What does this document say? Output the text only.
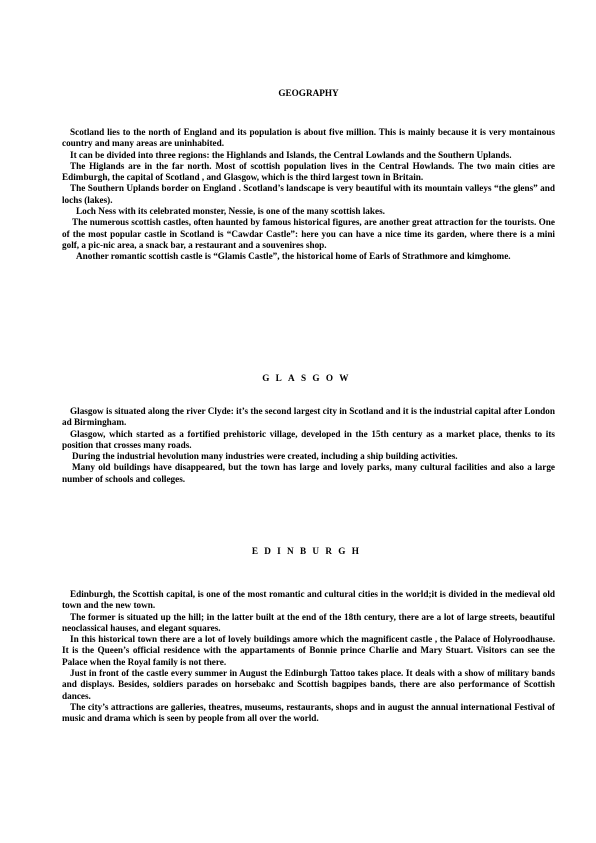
GEOGRAPHY

Scotland lies to the north of England and its population is about five million. This is mainly because it is very montainous country and many areas are uninhabited.

It can be divided into three regions: the Highlands and Islands, the Central Lowlands and the Southern Uplands.

The Higlands are in the far north. Most of scottish population lives in the Central Howlands. The two main cities are Edimburgh, the capital of Scotland , and Glasgow, which is the third largest town in Britain.

The Southern Uplands border on England . Scotland’s landscape is very beautiful with its mountain valleys “the glens” and lochs (lakes).

Loch Ness with its celebrated monster, Nessie, is one of the many scottish lakes.

The numerous scottish castles, often haunted by famous historical figures, are another great attraction for the tourists. One of the most popular castle in Scotland is “Cawdar Castle”: here you can have a nice time its garden, where there is a mini golf, a pic-nic area, a snack bar, a restaurant and a souvenires shop.

Another romantic scottish castle is “Glamis Castle”, the historical home of Earls of Strathmore and kimghome.

GLASGOW

Glasgow is situated along the river Clyde: it’s the second largest city in Scotland and it is the industrial capital after London ad Birmingham.

Glasgow, which started as a fortified prehistoric village, developed in the 15th century as a market place, thenks to its position that crosses many roads.

During the industrial hevolution many industries were created, including a ship building activities.

Many old buildings have disappeared, but the town has large and lovely parks, many cultural facilities and also a large number of schools and colleges.

EDINBURGH

Edinburgh, the Scottish capital, is one of the most romantic and cultural cities in the world;it is divided in the medieval old town and the new town.

The former is situated up the hill; in the latter built at the end of the 18th century, there are a lot of large streets, beautiful neoclassical hauses, and elegant squares.

In this historical town there are a lot of lovely buildings amore which the magnificent castle , the Palace of Holyroodhause. It is the Queen’s official residence with the appartaments of Bonnie prince Charlie and Mary Stuart. Visitors can see the Palace when the Royal family is not there.

Just in front of the castle every summer in August the Edinburgh Tattoo takes place. It deals with a show of military bands and displays. Besides, soldiers parades on horsebakc and Scottish bagpipes bands, there are also performance of Scottish dances.

The city’s attractions are galleries, theatres, museums, restaurants, shops and in august the annual international Festival of music and drama which is seen by people from all over the world.
